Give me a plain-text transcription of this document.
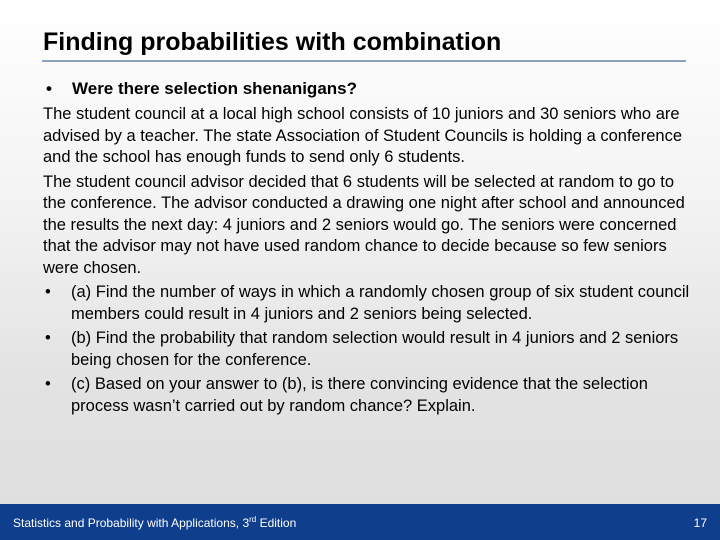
Finding probabilities with combination
•	Were there selection shenanigans?

The student council at a local high school consists of 10 juniors and 30 seniors who are advised by a teacher. The state Association of Student Councils is holding a conference and the school has enough funds to send only 6 students.

The student council advisor decided that 6 students will be selected at random to go to the conference. The advisor conducted a drawing one night after school and announced the results the next day: 4 juniors and 2 seniors would go. The seniors were concerned that the advisor may not have used random chance to decide because so few seniors were chosen.

•	(a) Find the number of ways in which a randomly chosen group of six student council members could result in 4 juniors and 2 seniors being selected.
•	(b) Find the probability that random selection would result in 4 juniors and 2 seniors being chosen for the conference.
•	(c) Based on your answer to (b), is there convincing evidence that the selection process wasn’t carried out by random chance? Explain.
Statistics and Probability with Applications, 3rd Edition	17
